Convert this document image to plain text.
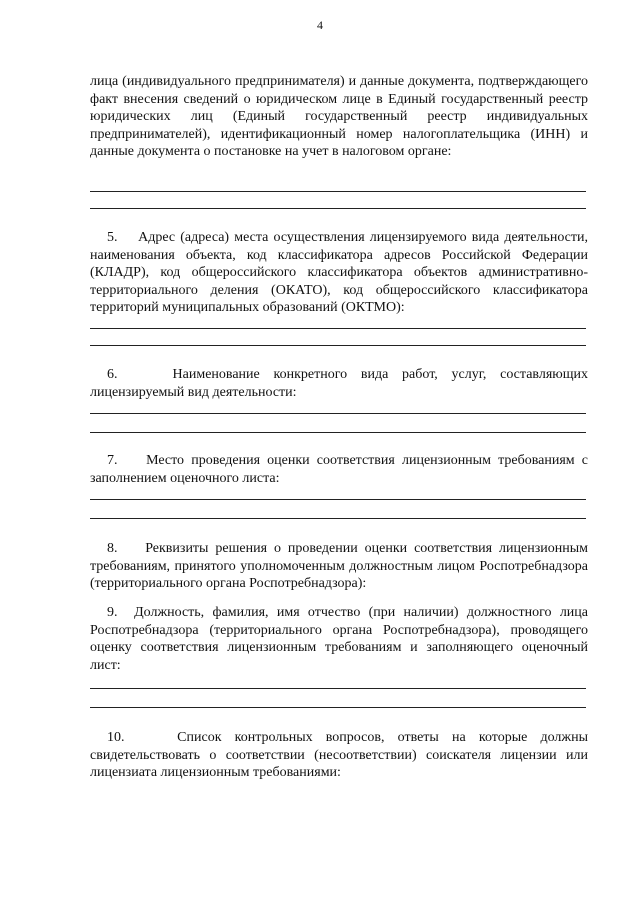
4
лица (индивидуального предпринимателя) и данные документа, подтверждающего факт внесения сведений о юридическом лице в Единый государственный реестр юридических лиц (Единый государственный реестр индивидуальных предпринимателей), идентификационный номер налогоплательщика (ИНН) и данные документа о постановке на учет в налоговом органе:
5.    Адрес (адреса) места осуществления лицензируемого вида деятельности, наименования объекта, код классификатора адресов Российской Федерации (КЛАДР), код общероссийского классификатора объектов административно-территориального деления (ОКАТО), код общероссийского классификатора территорий муниципальных образований (ОКТМО):
6.    Наименование конкретного вида работ, услуг, составляющих лицензируемый вид деятельности:
7.    Место проведения оценки соответствия лицензионным требованиям с заполнением оценочного листа:
8.    Реквизиты решения о проведении оценки соответствия лицензионным требованиям, принятого уполномоченным должностным лицом Роспотребнадзора (территориального органа Роспотребнадзора):
9.  Должность, фамилия, имя отчество (при наличии) должностного лица Роспотребнадзора (территориального органа Роспотребнадзора), проводящего оценку соответствия лицензионным требованиям и заполняющего оценочный лист:
10.    Список контрольных вопросов, ответы на которые должны свидетельствовать о соответствии (несоответствии) соискателя лицензии или лицензиата лицензионным требованиями:
